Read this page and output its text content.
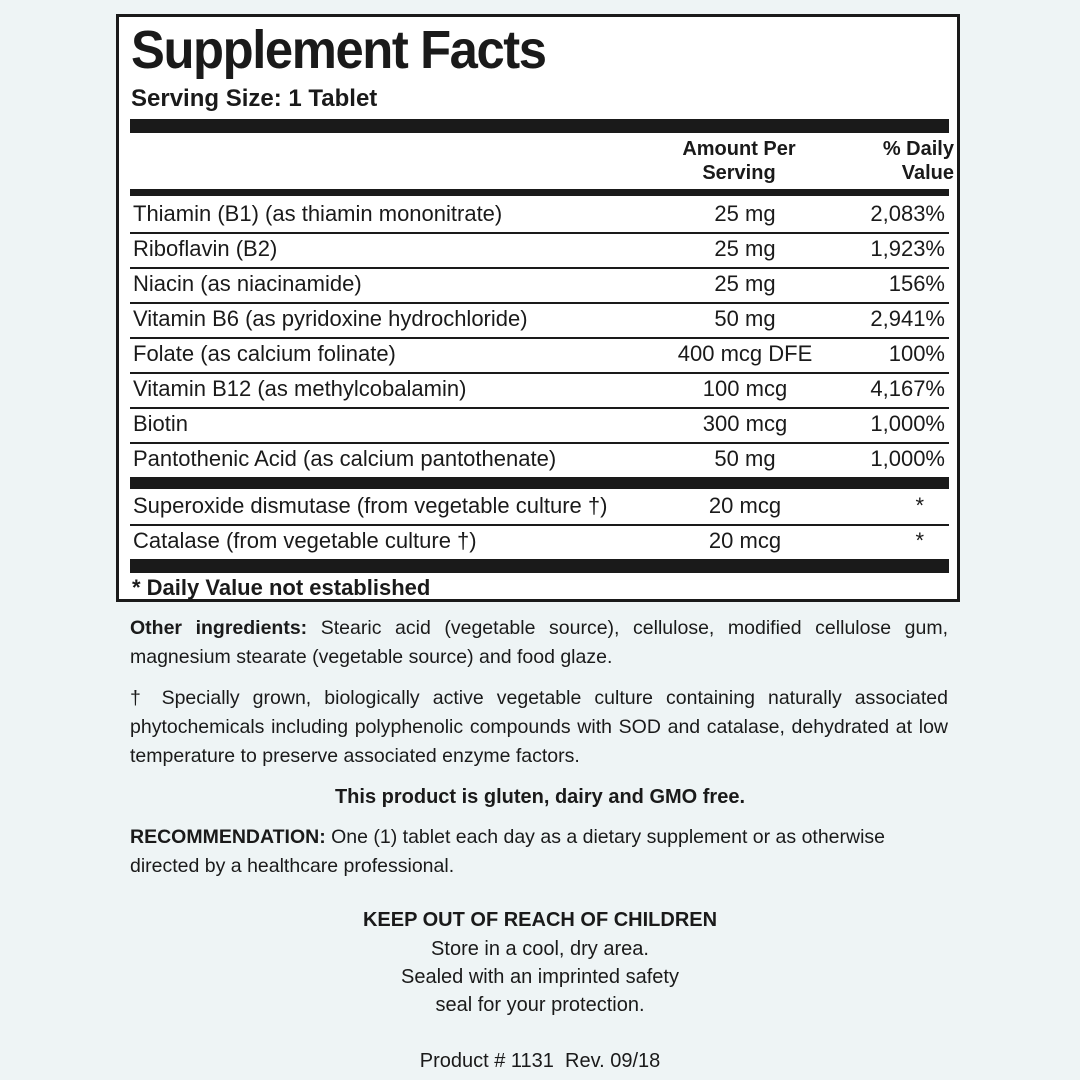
Supplement Facts
Serving Size: 1 Tablet
Amount Per
Serving
% Daily
Value
Thiamin (B1) (as thiamin mononitrate)	25 mg	2,083%
Riboflavin (B2)	25 mg	1,923%
Niacin (as niacinamide)	25 mg	156%
Vitamin B6 (as pyridoxine hydrochloride)	50 mg	2,941%
Folate (as calcium folinate)	400 mcg DFE	100%
Vitamin B12 (as methylcobalamin)	100 mcg	4,167%
Biotin	300 mcg	1,000%
Pantothenic Acid (as calcium pantothenate)	50 mg	1,000%
Superoxide dismutase (from vegetable culture †)	20 mcg	*
Catalase (from vegetable culture †)	20 mcg	*
* Daily Value not established
Other ingredients: Stearic acid (vegetable source), cellulose, modified cellulose gum, magnesium stearate (vegetable source) and food glaze.
† Specially grown, biologically active vegetable culture containing naturally associated phytochemicals including polyphenolic compounds with SOD and catalase, dehydrated at low temperature to preserve associated enzyme factors.
This product is gluten, dairy and GMO free.
RECOMMENDATION: One (1) tablet each day as a dietary supplement or as otherwise directed by a healthcare professional.
KEEP OUT OF REACH OF CHILDREN
Store in a cool, dry area.
Sealed with an imprinted safety
seal for your protection.
Product # 1131  Rev. 09/18
